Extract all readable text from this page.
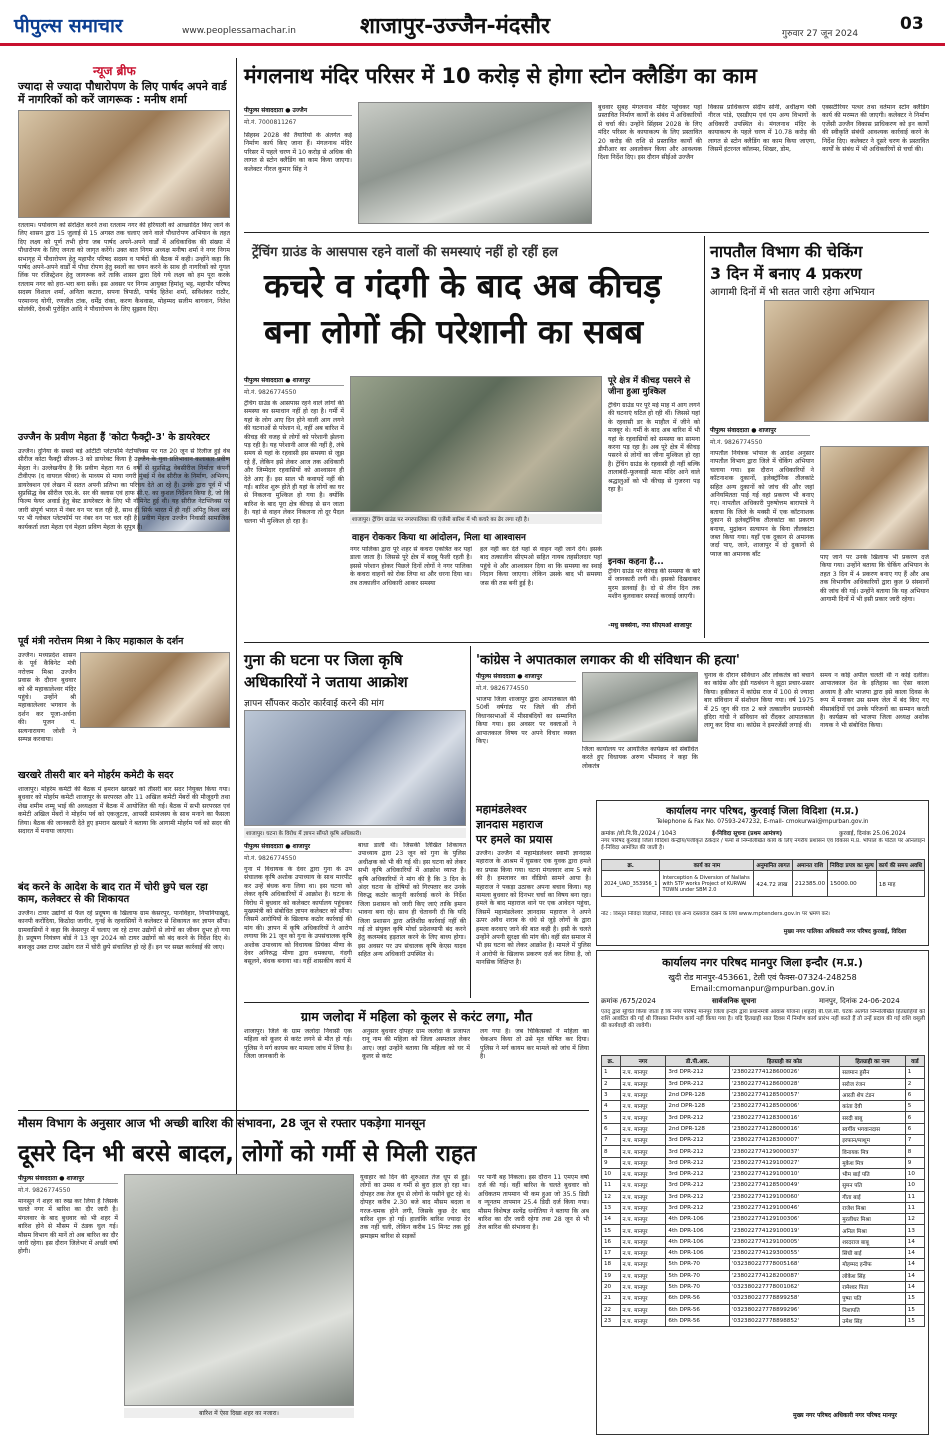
पीपुल्स समाचार	www.peoplessamachar.in	शाजापुर-उज्जैन-मंदसौर	गुरुवार 27 जून 2024 03
न्यूज ब्रीफ
ज्यादा से ज्यादा पौधारोपण के लिए पार्षद अपने वार्ड में नागरिकों को करें जागरूक : मनीष शर्मा
रतलाम। पर्यावरण को संरक्षित करने तथा रतलाम नगर की हरियाली को आच्छादित किए जाने के लिए शासन द्वारा 15 जुलाई से 15 अगस्त तक चलाए जाने वाले पौधारोपण अभियान के तहत दिए लक्ष्य को पूर्ण तभी होगा जब पार्षद अपने-अपने वार्डों में अधिकाधिक की संख्या में पौधारोपण के लिए जनता को जागृत करेंगे। उक्त बात निगम अध्यक्ष मनीषा शर्मा ने नगर निगम सभागृह में पौधारोपण हेतु महापौर परिषद सदस्य व पार्षदों की बैठक में कही। उन्होंने कहा कि पार्षद अपने-अपने वार्डों में पौधा रोपण हेतु स्थलों का चयन करने के साथ ही नागरिकों को गूगल लिंक पर रजिस्ट्रेशन हेतु जागरूक करें ताकि शासन द्वारा दिये गये लक्ष्य को हम पूरा करके रतलाम नगर को हरा-भरा बना सकें। इस अवसर पर निगम आयुक्त हिमांशु भट्ट, महापौर परिषद सदस्य विशाल शर्मा, अनिता कटारा, सपना त्रिपाठी, पार्षद हितेश शर्मा, सविशंकर राठौर, परमानन्द योगी, रणजीत टांक, धर्मेंद्र रांका, करण कैथवास, मोहम्मद सलीम बागवान, नितेश सोलंकी, देवश्री पुरोहित आदि ने पौधारोपण के लिए सुझाव दिए।
उज्जैन के प्रवीण मेहता हैं 'कोटा फैक्ट्री-3' के डायरेक्टर
उज्जैन। दुनिया के सबसे बड़े ओटीटी प्लेटफॉर्म नेटफ्लिक्स पर गत 20 जून से रिलीज हुई वेब सीरीज कोटा फैक्ट्री सीजन-3 को डायरेक्ट किया है उज्जैन के युवा प्रतिभावान कलाकार प्रवीण मेहता ने। उल्लेखनीय है कि प्रवीण मेहता गत 6 वर्षों से सुप्रसिद्ध वेबसीरीज निर्माता कंपनी टीवीएफ (द वायरल फीवर) के माध्यम से माया नगरी मुंबई में वेब सीरीज के निर्माण, अभिनय, डायरेक्शन एवं लेखन में सतत अपनी प्रतिभा का परिचय देते आ रहे हैं। उनके द्वारा पूर्व में भी सुप्रसिद्ध वेब सीरीज एस.के. सर की क्लास एवं हाफ सी.ए. का कुशल निर्देशन किया है, जो कि फिल्म फेयर अवार्ड हेतु बेस्ट डायरेक्टर के लिए भी नॉमिनेट हुई थी। यह सीरीज नेटफ्लिक्स पर जारी संपूर्ण भारत में नंबर वन पर चल रही है, साथ ही सिर्फ भारत में ही नहीं अपितु विश्व स्तर पर भी ग्लोबल प्लेटफॉर्म पर नंबर वन पर चल रही है। प्रवीण मेहता उज्जैन निवासी सामाजिक कार्यकर्ता लता मेहता एवं मेहता प्रविण मेहता के सुपुत्र हैं।
पूर्व मंत्री नरोत्तम मिश्रा ने किए महाकाल के दर्शन
उज्जैन। मध्यप्रदेश शासन के पूर्व कैबिनेट मंत्री नरोत्तम मिश्रा उज्जैन प्रवास के दौरान बुधवार को श्री महाकालेश्वर मंदिर पहुंचे। उन्होंने श्री महाकालेश्वर भगवान के दर्शन कर पूजा-अर्चना की। पूजन पं. सत्यनारायण जोशी ने सम्पन्न करवाया।
खरखरे तीसरी बार बने मोहर्रम कमेटी के सदर
शाजापुर। मोहर्रम कमेटी की बैठक में इमरान खरखरे को तीसरी बार सदर नियुक्त किया गया। बुधवार को मोहर्रम कमेटी शाजापुर के सरपरस्त और 11 अखिल कमेटी मेंबरों की मौजूदगी तथा शेख शमीम शम्मू भाई की अध्यक्षता में बैठक में आयोजित की गई। बैठक में सभी सरपरस्त एवं कमेटी अखिल मेंबरों ने मोहर्रम पर्व को एकजुटता, आपसी सामंजस्य के साथ मनाने का फैसला लिया। बैठक की जानकारी देते हुए इमरान खरखरे ने बताया कि आगामी मोहर्रम पर्व को सदर की सदारत में मनाया जाएगा।
बंद करने के आदेश के बाद रात में चोरी छुपे चल रहा काम, कलेक्टर से की शिकायत
उज्जैन। टायर उद्योगों से फैल रहे प्रदूषण के खिलाफ ग्राम केसरपुर, पानविहार, निपानियाखुर्द, कानपी करोंदिया, किठोदा जागीर, गुनई के रहवासियों ने कलेक्टर से शिकायत कर ज्ञापन सौंपा। ग्रामवासियों ने कहा कि केसरपुर में चलाए जा रहे टायर उद्योगों से लोगों का जीवन दूभर हो गया है। प्रदूषण नियंत्रण बोर्ड ने 13 जून 2024 को टायर उद्योगों को बंद करने के निर्देश दिए थे। बावजूद उक्त टायर उद्योग रात में चोरी छुपे संचालित हो रहे हैं। इन पर सख्त कार्रवाई की जाए।
मंगलनाथ मंदिर परिसर में 10 करोड़ से होगा स्टोन क्लैडिंग का काम
पीपुल्स संवाददाता ● उज्जैन
मो.नं. 7000811267
सिंहस्थ 2028 की तैयारियों के अंतर्गत कई निर्माण कार्य किए जाना हैं। मंगलनाथ मंदिर परिसर में पहले चरण में 10 करोड़ से अधिक की लागत से स्टोन क्लैडिंग का काम किया जाएगा। कलेक्टर नीरज कुमार सिंह ने
बुधवार सुबह मंगलनाथ मंदिर पहुंचकर यहां प्रस्तावित निर्माण कार्यों के संबंध में अधिकारियों से चर्चा की। उन्होंने सिंहस्थ 2028 के लिए मंदिर परिसर के कायाकल्प के लिए प्रस्तावित 20 करोड़ की राशि से प्रस्तावित कार्यों की डीपीआर का अवलोकन किया और आवश्यक दिशा निर्देश दिए। इस दौरान सीईओ उज्जैन
विकास प्राधिकरण संदीप सोनी, अधीक्षण यंत्री नीरज पांडे, एसडीएम एवं एम अन्य विभागों के अधिकारी उपस्थित थे। मंगलनाथ मंदिर के कायाकल्प के पहले चरण में 10.78 करोड़ की लागत से स्टोन क्लैडिंग का काम किया जाएगा, जिसमें इंटरनल कॉलम्स, शिखर, डोम,
एक्सटीरियर पत्थर तथा वर्तमान स्टोन क्लैडिंग कार्य की मरम्मत की जाएगी। कलेक्टर ने निर्माण एजेंसी उज्जैन विकास प्राधिकरण को इन कार्यों की स्वीकृति संबंधी आवश्यक कार्रवाई करने के निर्देश दिए। कलेक्टर ने दूसरे चरण के प्रस्तावित कार्यों के संबंध में भी अधिकारियों से चर्चा की।
ट्रेंचिंग ग्राउंड के आसपास रहने वालों की समस्याएं नहीं हो रहीं हल
कचरे व गंदगी के बाद अब कीचड़
बना लोगों की परेशानी का सबब
पीपुल्स संवाददाता ● शाजापुर
मो.नं. 9826774550
ट्रेंचिंग ग्राउंड के आसपास रहने वाले लोगों की समस्या का समाधान नहीं हो रहा है। गर्मी में यहां के लोग आए दिन होने वाली आग लगने की घटनाओं से परेशान थे, वहीं अब बारिश में कीचड़ की वजह से लोगों को परेशानी झेलना पड़ रही है। यह परेशानी आज की नहीं है, लंबे समय से यहां के रहवासी इस समस्या से जूझ रहे हैं, लेकिन इसे लेकर आज तक अधिकारी और जिम्मेदार रहवासियों को आश्वासन ही देते आए हैं। इस साल भी कवायदें नहीं की गईं। बारिश शुरू होते ही यहां के लोगों का घर से निकलना मुश्किल हो गया है। क्योंकि बारिश के बाद पूरा क्षेत्र कीचड़ से सन जाता है। यहां से वाहन लेकर निकलना तो दूर पैदल चलना भी मुश्किल हो रहा है।	शाजापुर। ट्रेंचिंग ग्राउंड पर नगरपालिका की एजेंसी बारिश में भी कचरे का ढेर लगा रही है।
वाहन रोककर किया था आंदोलन, मिला था आश्वासन
नगर पालिका द्वारा पूरे शहर से कचरा एकत्रित कर यहां डाला जाता है। जिससे पूरे क्षेत्र में बदबू फैली रहती है। इससे परेशान होकर पिछले दिनों लोगों ने नगर पालिका के कचरा वाहनों को रोक लिया था और धरना दिया था। तब तत्कालीन अधिकारी आकर समस्या
हल नहीं कर देते यहां से वाहन नहीं जाने देंगे। इसके बाद तत्कालीन सीएमओ सहित नायब तहसीलदार यहां पहुंचे थे और आश्वासन दिया था कि समस्या का स्थाई निदान किया जाएगा। लेकिन उसके बाद भी समस्या जस की तस बनी हुई है।
पूरे क्षेत्र में कीचड़ पसरने से जीना हुआ मुश्किल
ट्रेंचिंग ग्राउंड पर पूरे मई माह में आग लगने की घटनाएं घटित हो रही थीं। जिससे यहां के रहवासी डर के माहौल में जीने को मजबूर थे। गर्मी के बाद अब बारिश में भी यहां के रहवासियों को समस्या का सामना करना पड़ रहा है। अब पूरे क्षेत्र में कीचड़ पसरने से लोगों का जीना मुश्किल हो रहा है। ट्रेंचिंग ग्राउंड के रहवासी ही नहीं बल्कि तालाबंदी-फूलवाड़ी माता मंदिर आने वाले श्रद्धालुओं को भी कीचड़ से गुजरना पड़ रहा है।
इनका कहना है...
ट्रेंचिंग ग्राउंड पर कीचड़ की समस्या के बारे में जानकारी लगी थी। इसको दिखवाकर मुरम डलवाई है। दो से तीन दिन तक मशीन बुलवाकर सफाई करवाई जाएगी।
-मधु सक्सेना, नपा सीएमओ शाजापुर
नापतौल विभाग की चेकिंग
3 दिन में बनाए 4 प्रकरण
आगामी दिनों में भी सतत जारी रहेगा अभियान
पीपुल्स संवाददाता ● शाजापुर
मो.नं. 9826774550
नापतौल नियंत्रक भोपाल के आदेश अनुसार नापतौल विभाग द्वारा जिले में चेकिंग अभियान चलाया गया। इस दौरान अधिकारियों ने कॉटनाशक दुकानों, इलेक्ट्रॉनिक तौलकांटे सहित अन्य दुकानों को जांच की और जहां अनियमितता पाई गई वहां प्रकरण भी बनाए गए। नापतौल अधिकारी पुरुषोत्तम बारापात्रे ने बताया कि जिले के मक्सी में एक कॉटनाशक दुकान से इलेक्ट्रॉनिक तौलकांटा का प्रकरण बनाया, मुद्रांकन सत्यापन के बिना तौलकांटा जब्त किया गया। यहाँ एक दुकान से अमानक जर्दा पाए, जाने, शाजापुर में दो दुकानों से प्याज का अमानक बाँट	पाए जाने पर उनके खिलाफ भी प्रकरण दर्ज किया गया। उन्होंने बताया कि चेकिंग अभियान के तहत 3 दिन में 4 प्रकरण बनाए गए हैं और अब तक विभागीय अधिकारियों द्वारा कुल 9 संस्थानों की जांच की गई। उन्होंने बताया कि यह अभियान आगामी दिनों में भी इसी प्रकार जारी रहेगा।
गुना की घटना पर जिला कृषि
अधिकारियों ने जताया आक्रोश
ज्ञापन सौंपकर कठोर कार्रवाई करने की मांग
शाजापुर। घटना के विरोध में ज्ञापन सौंपते कृषि अधिकारी।
पीपुल्स संवाददाता ● शाजापुर
मो.नं. 9826774550
गुना में विधायक के देवर द्वारा गुना के उप संचालक कृषि अशोक उपाध्याय के साथ मारपीट कर उन्हें बंधक बना लिया था। इस घटना को लेकर कृषि अधिकारियों में आक्रोश है। घटना के विरोध में बुधवार को कलेक्टर कार्यालय पहुंचकर मुख्यमंत्री को संबोधित ज्ञापन कलेक्टर को सौंपा। जिसमें आरोपियों के खिलाफ कठोर कार्रवाई की मांग की। ज्ञापन में कृषि अधिकारियों ने आरोप लगाया कि 21 जून को गुना के उपसंचालक कृषि अशोक उपाध्याय को विधायक प्रियंका मीणा के देवर अनिरुद्ध मीणा द्वारा धमकाया, गंदगी बसूलने, बंधक बनाया था। यहीं शासकीय कार्य में
बाधा डाली थी। जिसकी लिखित शिकायत उपाध्याय द्वारा 23 जून को गुना के पुलिस अधीक्षक को भी की गई थी। इस घटना को लेकर सभी कृषि अधिकारियों में आक्रोश व्याप्त है। कृषि अधिकारियों ने मांग की है कि 3 दिन के अंदर घटना के दोषियों को गिरफ्तार कर उनके विरुद्ध कठोर कानूनी कार्रवाई करने के निर्देश जिला प्रशासन को जारी किए जाएं ताकि इमान भावना बना रहे। साथ ही चेतावनी दी कि यदि जिला प्रशासन द्वारा अतिशीघ्र कार्रवाई नहीं की गई तो संयुक्त कृषि मोर्चा प्रदेशव्यापी बंद करने हेतु कलमबंद हड़ताल करने के लिए बाध्य होगा। इस अवसर पर उप संचालक कृषि केएस यादव सहित अन्य अधिकारी उपस्थित थे।
'कांग्रेस ने अपातकाल लगाकर की थी संविधान की हत्या'
पीपुल्स संवाददाता ● शाजापुर
मो.नं. 9826774550
भाजपा जिला शाजापुर द्वारा आपातकाल की 50वीं वर्षगांठ पर जिले की तीनों विधानसभाओं में मीसाबंदियों का सम्मानित किया गया। इस अवसर पर वक्ताओं ने आपातकाल विषय पर अपने विचार व्यक्त किए।
जिला कार्यालय पर आयोजित कार्यक्रम को संबोधित करते हुए विधायक अरुण भीमावद ने कहा कि लोकतंत्र
चुनाव के दौरान संविधान और लोकतंत्र को बचाने का कांग्रेस और इंडी गठबंधन ने झूठा प्रचार-प्रसार किया। हकीकत में कांग्रेस राज में 100 से ज्यादा बार संविधान में संशोधन किया गया। वर्ष 1975 में 25 जून की रात 2 बजे तत्कालीन प्रधानमंत्री इंदिरा गांधी ने संविधान को रौंदकर आपातकाल लागू कर दिया था। कांग्रेस ने इमरजेंसी लगाई थी।
समय न कोई अपील चलती थी न कोई दलील। आपातकाल देश के इतिहास का ऐसा काला अध्याय है और भाजपा द्वारा इसे काला दिवस के रूप में मनाकर उस समय जेल में बंद किए गए मीसाबंदियों एवं उनके परिजनों का सम्मान करती है। कार्यक्रम को भाजपा जिला अध्यक्ष अशोक नायक ने भी संबोधित किया।
महामंडलेश्वर
ज्ञानदास महाराज
पर हमले का प्रयास
उज्जैन। उज्जैन में महामंडलेश्वर स्वामी ज्ञानदास महाराज के आश्रम में घुसकर एक युवक द्वारा हमले का प्रयास किया गया। घटना मंगलवार शाम 5 बजे की है। हमलावर का वीडियो सामने आया है। महाराज ने पकड़ा उठाकर अपना बचाव किया। यह मामला बुधवार को दिनभर चर्चा का विषय बना रहा। हमले के बाद महाराज थाने पर एक आवेदन पहुंचा, जिसमें महामंडलेश्वर ज्ञानदास महाराज ने अपने ऊपर अवैध शराब के धंधे से जुड़े लोगों के द्वारा हमला करवाए जाने की बात कही है। इसी के चलते उन्होंने अपनी सुरक्षा की मांग की। वहीं संत समाज में भी इस घटना को लेकर आक्रोश है। मामले में पुलिस ने आरोपी के खिलाफ प्रकरण दर्ज कर लिया है, जो मानसिक विक्षिप्त है।
कार्यालय नगर परिषद, कुरवाई जिला विदिशा (म.प्र.)
Telephone & Fax No. 07593-247232, E-mail- cmokurwai@mpurban.gov.in
क्रमांक /लो.नि.वि./2024 / 1043	ई-निविदा सूचना (प्रथम आमंत्रण)	कुरवाई, दिनांक 25.06.2024
नगर परिषद कुरवाई जिला विदिशा केन्द्रीय/पंजीकृत ठेकेदार / फर्मों से निम्नलिखित कार्य के लिए नगरीय प्रशासन एवं विकास म.प्र. भोपाल के पोर्टल पर ऑनलाइन ई-निविदा आमंत्रित की जाती है।
क्र.	कार्य का नाम	अनुमानित लागत	अमानत राशि	निविदा प्रपत्र का मूल्य	कार्य की समय अवधि
2024_UAD_353956_1	Interception & Diversion of Nallahs with STP works Project of KURWAI TOWN under SBM 2.0	424.72 लाख	212385.00	15000.00	18 माह
नोट : विस्तृत निविदा विज्ञप्ति, निविदा एवं अन्य दस्तावेज देखने के लिये www.mptenders.gov.in पर भ्रमण करें।
मुख्य नगर पालिका अधिकारी नगर परिषद कुरवाई, विदिशा
ग्राम जलोदा में महिला को कूलर से करंट लगा, मौत
शाजापुर। जिले के ग्राम जलोदा निवासी एक महिला को कूलर से करंट लगने से मौत हो गई। पुलिस ने मर्ग कायम कर मामला जांच में लिया है। जिला जानकारी के
अनुसार बुधवार दोपहर ग्राम जलोदा के प्रजापत रानू नाम की महिला को जिला अस्पताल लेकर आए। जहां उन्होंने बताया कि महिला को घर में कूलर से करंट
लग गया है। जब चिकित्सकों ने महिला का चेकअप किया तो उसे मृत घोषित कर दिया। पुलिस ने मर्ग कायम कर मामले को जांच में लिया है।
मौसम विभाग के अनुसार आज भी अच्छी बारिश की संभावना, 28 जून से रफ्तार पकड़ेगा मानसून
दूसरे दिन भी बरसे बादल, लोगों को गर्मी से मिली राहत
पीपुल्स संवाददाता ● शाजापुर
मो.नं. 9826774550
मानसून ने शहर का रुख कर लिया है जिसके चलते नगर में बारिश का दौर जारी है। मंगलवार के बाद बुधवार को भी शहर में बारिश होने से मौसम में ठंडक घुल गई। मौसम विभाग की मानें तो अब बारिश का दौर जारी रहेगा। इस दौरान जिलेभर में अच्छी वर्षा होगी।
बारिश में ऐसा दिखा शहर का नजारा।
युवाहार को दिन की शुरुआत तेज धूप से हुई। लोगों का उमस व गर्मी से बुरा हाल हो रहा था। दोपहर तक तेज धूप से लोगों के पसीने छूट रहे थे। दोपहर करीब 2.30 बजे बाद मौसम बदला व गरज-चमक होने लगी, जिसके कुछ देर बाद बारिश शुरू हो गई। हालांकि बारिश ज्यादा देर तक नहीं चली, लेकिन करीब 15 मिनट तक हुई झमाझम बारिश से सड़कों
पर पानी बह निकला। इस दौरान 11 एमएम वर्षा दर्ज की गई। वहीं बारिश के चलते बुधवार को अधिकतम तापमान भी कम हुआ जो 35.5 डिग्री व न्यूनतम तापमान 25.4 डिग्री दर्ज किया गया। मौसम विशेषज्ञ सत्येंद्र धनोतिया ने बताया कि अब बारिश का दौर जारी रहेगा तथा 28 जून से भी तेज बारिश की संभावना है।
कार्यालय नगर परिषद मानपुर जिला इन्दौर (म.प्र.)
खुदी रोड मानपुर-453661, टेली एवं फैक्स-07324-248258
Email:cmomanpur@mpurban.gov.in
क्रमांक /675/2024	सार्वजनिक सूचना	मानपुर, दिनांक 24-06-2024
एतद् द्वारा सूचित किया जाता है कि नगर परिषद मानपुर जिला इन्दौर द्वारा प्रधानमंत्री आवास योजना (शहरी) बी.एल.सी. घटक अंतर्गत निम्नलिखित हितग्राहियों को राशि आवंटित की गई थी जिसका निर्माण कार्य नहीं किया गया है। यदि हितग्राही सात दिवस में निर्माण कार्य प्रारंभ नहीं करते हैं तो उन्हें प्रदाय की गई राशि वसूली की कार्यवाही की जावेगी।
क्र.	नगर	डी.पी.आर.	हितग्राही का कोड	हितग्राही का नाम	वार्ड
1	न.प. मानपुर	3rd DPR-212	'238022774128600026'	सलमान हुसैन	1
2	न.प. मानपुर	3rd DPR-212	'238022774128600028'	सरोज रंजन	2
3	न.प. मानपुर	2nd DPR-128	'238022774128500057'	आरती शेप टंडन	6
4	न.प. मानपुर	2nd DPR-128	'238022774128500006'	कांता देवी	5
5	न.प. मानपुर	3rd DPR-212	'238022774128300016'	सरदी बाबू	6
6	न.प. मानपुर	2nd DPR-128	'238022774128000016'	स्वर्गीय भगवानदास	6
7	न.प. मानपुर	3rd DPR-212	'238022774128300007'	इरफान/माशूम	7
8	न.प. मानपुर	3rd DPR-212	'238022774129000037'	विनायक मित्र	8
9	न.प. मानपुर	3rd DPR-212	'238022774129100027'	मुकेश मित्र	9
10	न.प. मानपुर	3rd DPR-212	'238022774129100010'	भीम बाई पति	10
11	न.प. मानपुर	3rd DPR-212	'238022774128500049'	सुमन पति	10
12	न.प. मानपुर	3rd DPR-212	'238022774129100060'	गीता बाई	11
13	न.प. मानपुर	3rd DPR-212	'238022774129100046'	राजेश मिश्रा	11
14	न.प. मानपुर	4th DPR-106	'238022774129100306'	मुरलीधर मिश्रा	12
15	न.प. मानपुर	4th DPR-106	'238022774129100019'	अनिल मिश्रा	13
16	न.प. मानपुर	4th DPR-106	'238022774129100005'	शरदराज बाबू	14
17	न.प. मानपुर	4th DPR-106	'238022774129300055'	सिंधी बाई	14
18	न.प. मानपुर	5th DPR-70	'032380227778005168'	मोहम्मद हनीफ	14
19	न.प. मानपुर	5th DPR-70	'238022774128200087'	लोकेश सिंह	14
20	न.प. मानपुर	5th DPR-70	'032380227778001062'	रामेश्वर पिता	14
21	न.प. मानपुर	6th DPR-56	'032380227778899258'	पुष्पा पति	15
22	न.प. मानपुर	6th DPR-56	'032380227778899296'	निशापति	15
23	न.प. मानपुर	6th DPR-56	'032380227778898852'	उमेश सिंह	15
मुख्य नगर परिषद अधिकारी नगर परिषद मानपुर
